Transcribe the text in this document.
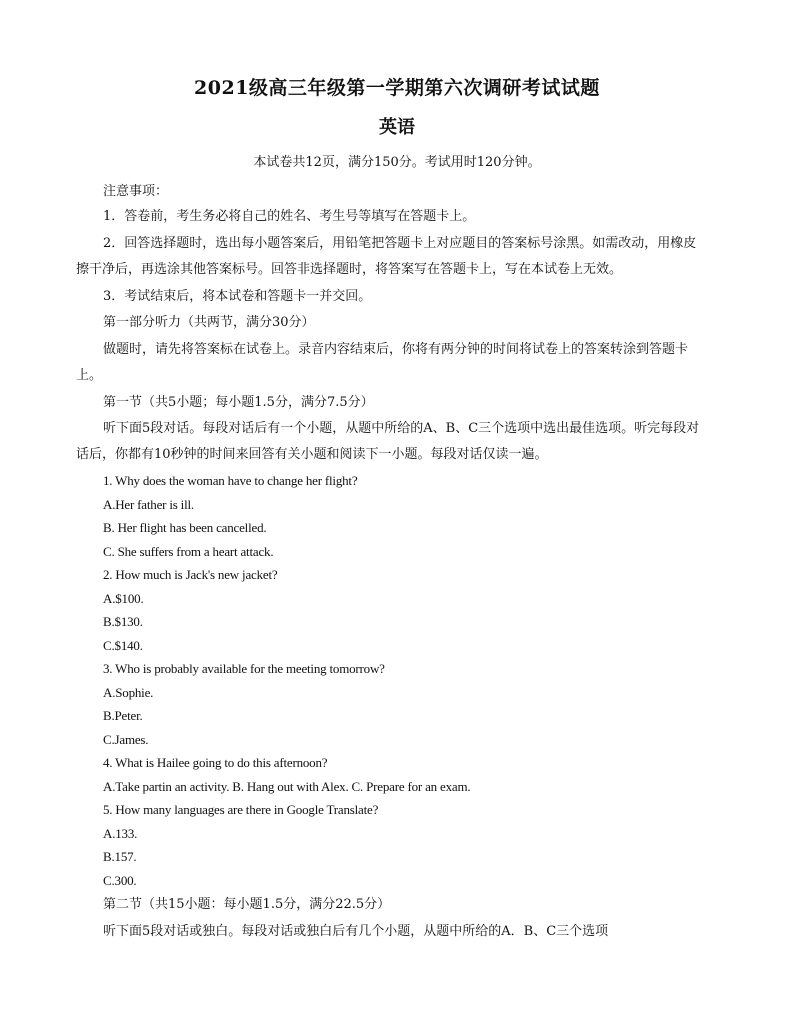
2021级高三年级第一学期第六次调研考试试题
英语
本试卷共12页，满分150分。考试用时120分钟。
注意事项：
1．答卷前，考生务必将自己的姓名、考生号等填写在答题卡上。
2．回答选择题时，选出每小题答案后，用铅笔把答题卡上对应题目的答案标号涂黑。如需改动，用橡皮
擦干净后，再选涂其他答案标号。回答非选择题时，将答案写在答题卡上，写在本试卷上无效。
3．考试结束后，将本试卷和答题卡一并交回。
第一部分听力（共两节，满分30分）
做题时，请先将答案标在试卷上。录音内容结束后，你将有两分钟的时间将试卷上的答案转涂到答题卡
上。
第一节（共5小题；每小题1.5分，满分7.5分）
听下面5段对话。每段对话后有一个小题，从题中所给的A、B、C三个选项中选出最佳选项。听完每段对
话后，你都有10秒钟的时间来回答有关小题和阅读下一小题。每段对话仅读一遍。
1. Why does the woman have to change her flight?
A.Her father is ill.
B. Her flight has been cancelled.
C. She suffers from a heart attack.
2. How much is Jack's new jacket?
A.$100.
B.$130.
C.$140.
3. Who is probably available for the meeting tomorrow?
A.Sophie.
B.Peter.
C.James.
4. What is Hailee going to do this afternoon?
A.Take partin an activity. B. Hang out with Alex. C. Prepare for an exam.
5. How many languages are there in Google Translate?
A.133.
B.157.
C.300.
第二节（共15小题：每小题1.5分，满分22.5分）
听下面5段对话或独白。每段对话或独白后有几个小题，从题中所给的A．B、C三个选项
